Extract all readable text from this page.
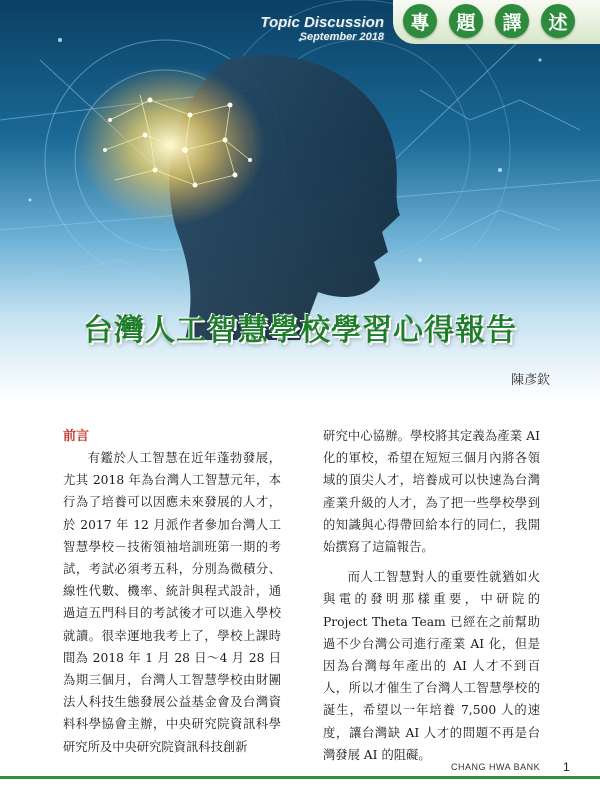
Topic Discussion
September 2018
專	題	譯	述
台灣人工智慧學校學習心得報告
陳彥欽
前言

有鑑於人工智慧在近年蓬勃發展，尤其 2018 年為台灣人工智慧元年，本行為了培養可以因應未來發展的人才，於 2017 年 12 月派作者參加台灣人工智慧學校－技術領袖培訓班第一期的考試，考試必須考五科，分別為微積分、線性代數、機率、統計與程式設計，通過這五門科目的考試後才可以進入學校就讀。很幸運地我考上了，學校上課時間為 2018 年 1 月 28 日～4 月 28 日為期三個月，台灣人工智慧學校由財團法人科技生態發展公益基金會及台灣資料科學協會主辦，中央研究院資訊科學研究所及中央研究院資訊科技創新

研究中心協辦。學校將其定義為產業 AI 化的軍校，希望在短短三個月內將各領域的頂尖人才，培養成可以快速為台灣產業升級的人才，為了把一些學校學到的知識與心得帶回給本行的同仁，我開始撰寫了這篇報告。

而人工智慧對人的重要性就猶如火與電的發明那樣重要，中研院的 Project Theta Team 已經在之前幫助過不少台灣公司進行產業 AI 化，但是因為台灣每年產出的 AI 人才不到百人，所以才催生了台灣人工智慧學校的誕生，希望以一年培養 7,500 人的速度，讓台灣缺 AI 人才的問題不再是台灣發展 AI 的阻礙。

CHANG HWA BANK 1
